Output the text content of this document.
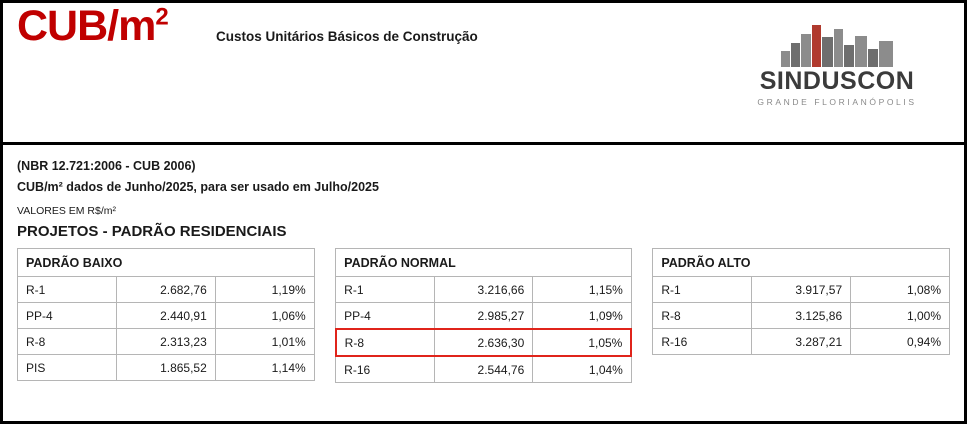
CUB/$m^2$
Custos Unitários Básicos de Construção
SINDUSCON
GRANDE FLORIANÓPOLIS
(NBR 12.721:2006 - CUB 2006)
CUB/m² dados de Junho/2025, para ser usado em Julho/2025
VALORES EM R$/m²
PROJETOS - PADRÃO RESIDENCIAIS
PADRÃO BAIXO		
R-1	2.682,76	1,19%
PP-4	2.440,91	1,06%
R-8	2.313,23	1,01%
PIS	1.865,52	1,14%
PADRÃO NORMAL		
R-1	3.216,66	1,15%
PP-4	2.985,27	1,09%
R-8	2.636,30	1,05%
R-16	2.544,76	1,04%
PADRÃO ALTO		
R-1	3.917,57	1,08%
R-8	3.125,86	1,00%
R-16	3.287,21	0,94%
